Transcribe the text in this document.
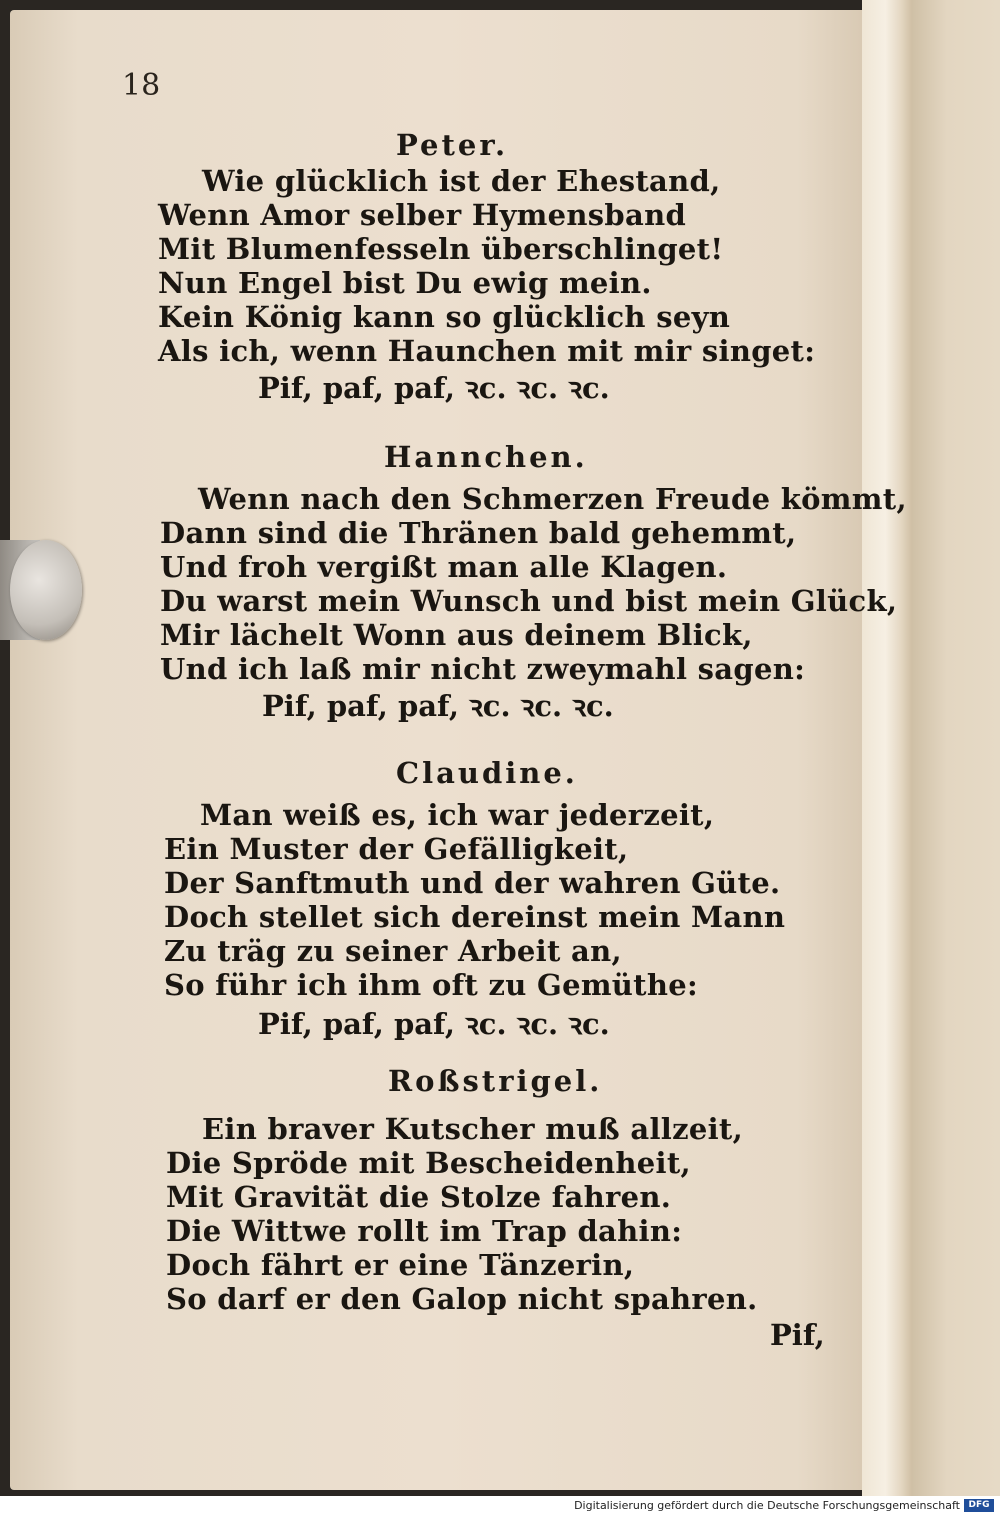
18
Peter.
Wie glücklich ist der Ehestand,
Wenn Amor selber Hymensband
Mit Blumenfesseln überschlinget!
Nun Engel bist Du ewig mein.
Kein König kann so glücklich seyn
Als ich, wenn Haunchen mit mir singet:
Pif, paf, paf, ꝛc. ꝛc. ꝛc.
Hannchen.
Wenn nach den Schmerzen Freude kömmt,
Dann sind die Thränen bald gehemmt,
Und froh vergißt man alle Klagen.
Du warst mein Wunsch und bist mein Glück,
Mir lächelt Wonn aus deinem Blick,
Und ich laß mir nicht zweymahl sagen:
Pif, paf, paf, ꝛc. ꝛc. ꝛc.
Claudine.
Man weiß es, ich war jederzeit,
Ein Muster der Gefälligkeit,
Der Sanftmuth und der wahren Güte.
Doch stellet sich dereinst mein Mann
Zu träg zu seiner Arbeit an,
So führ ich ihm oft zu Gemüthe:
Pif, paf, paf, ꝛc. ꝛc. ꝛc.
Roßstrigel.
Ein braver Kutscher muß allzeit,
Die Spröde mit Bescheidenheit,
Mit Gravität die Stolze fahren.
Die Wittwe rollt im Trap dahin:
Doch fährt er eine Tänzerin,
So darf er den Galop nicht spahren.
Pif,
Digitalisierung gefördert durch die Deutsche Forschungsgemeinschaft DFG
